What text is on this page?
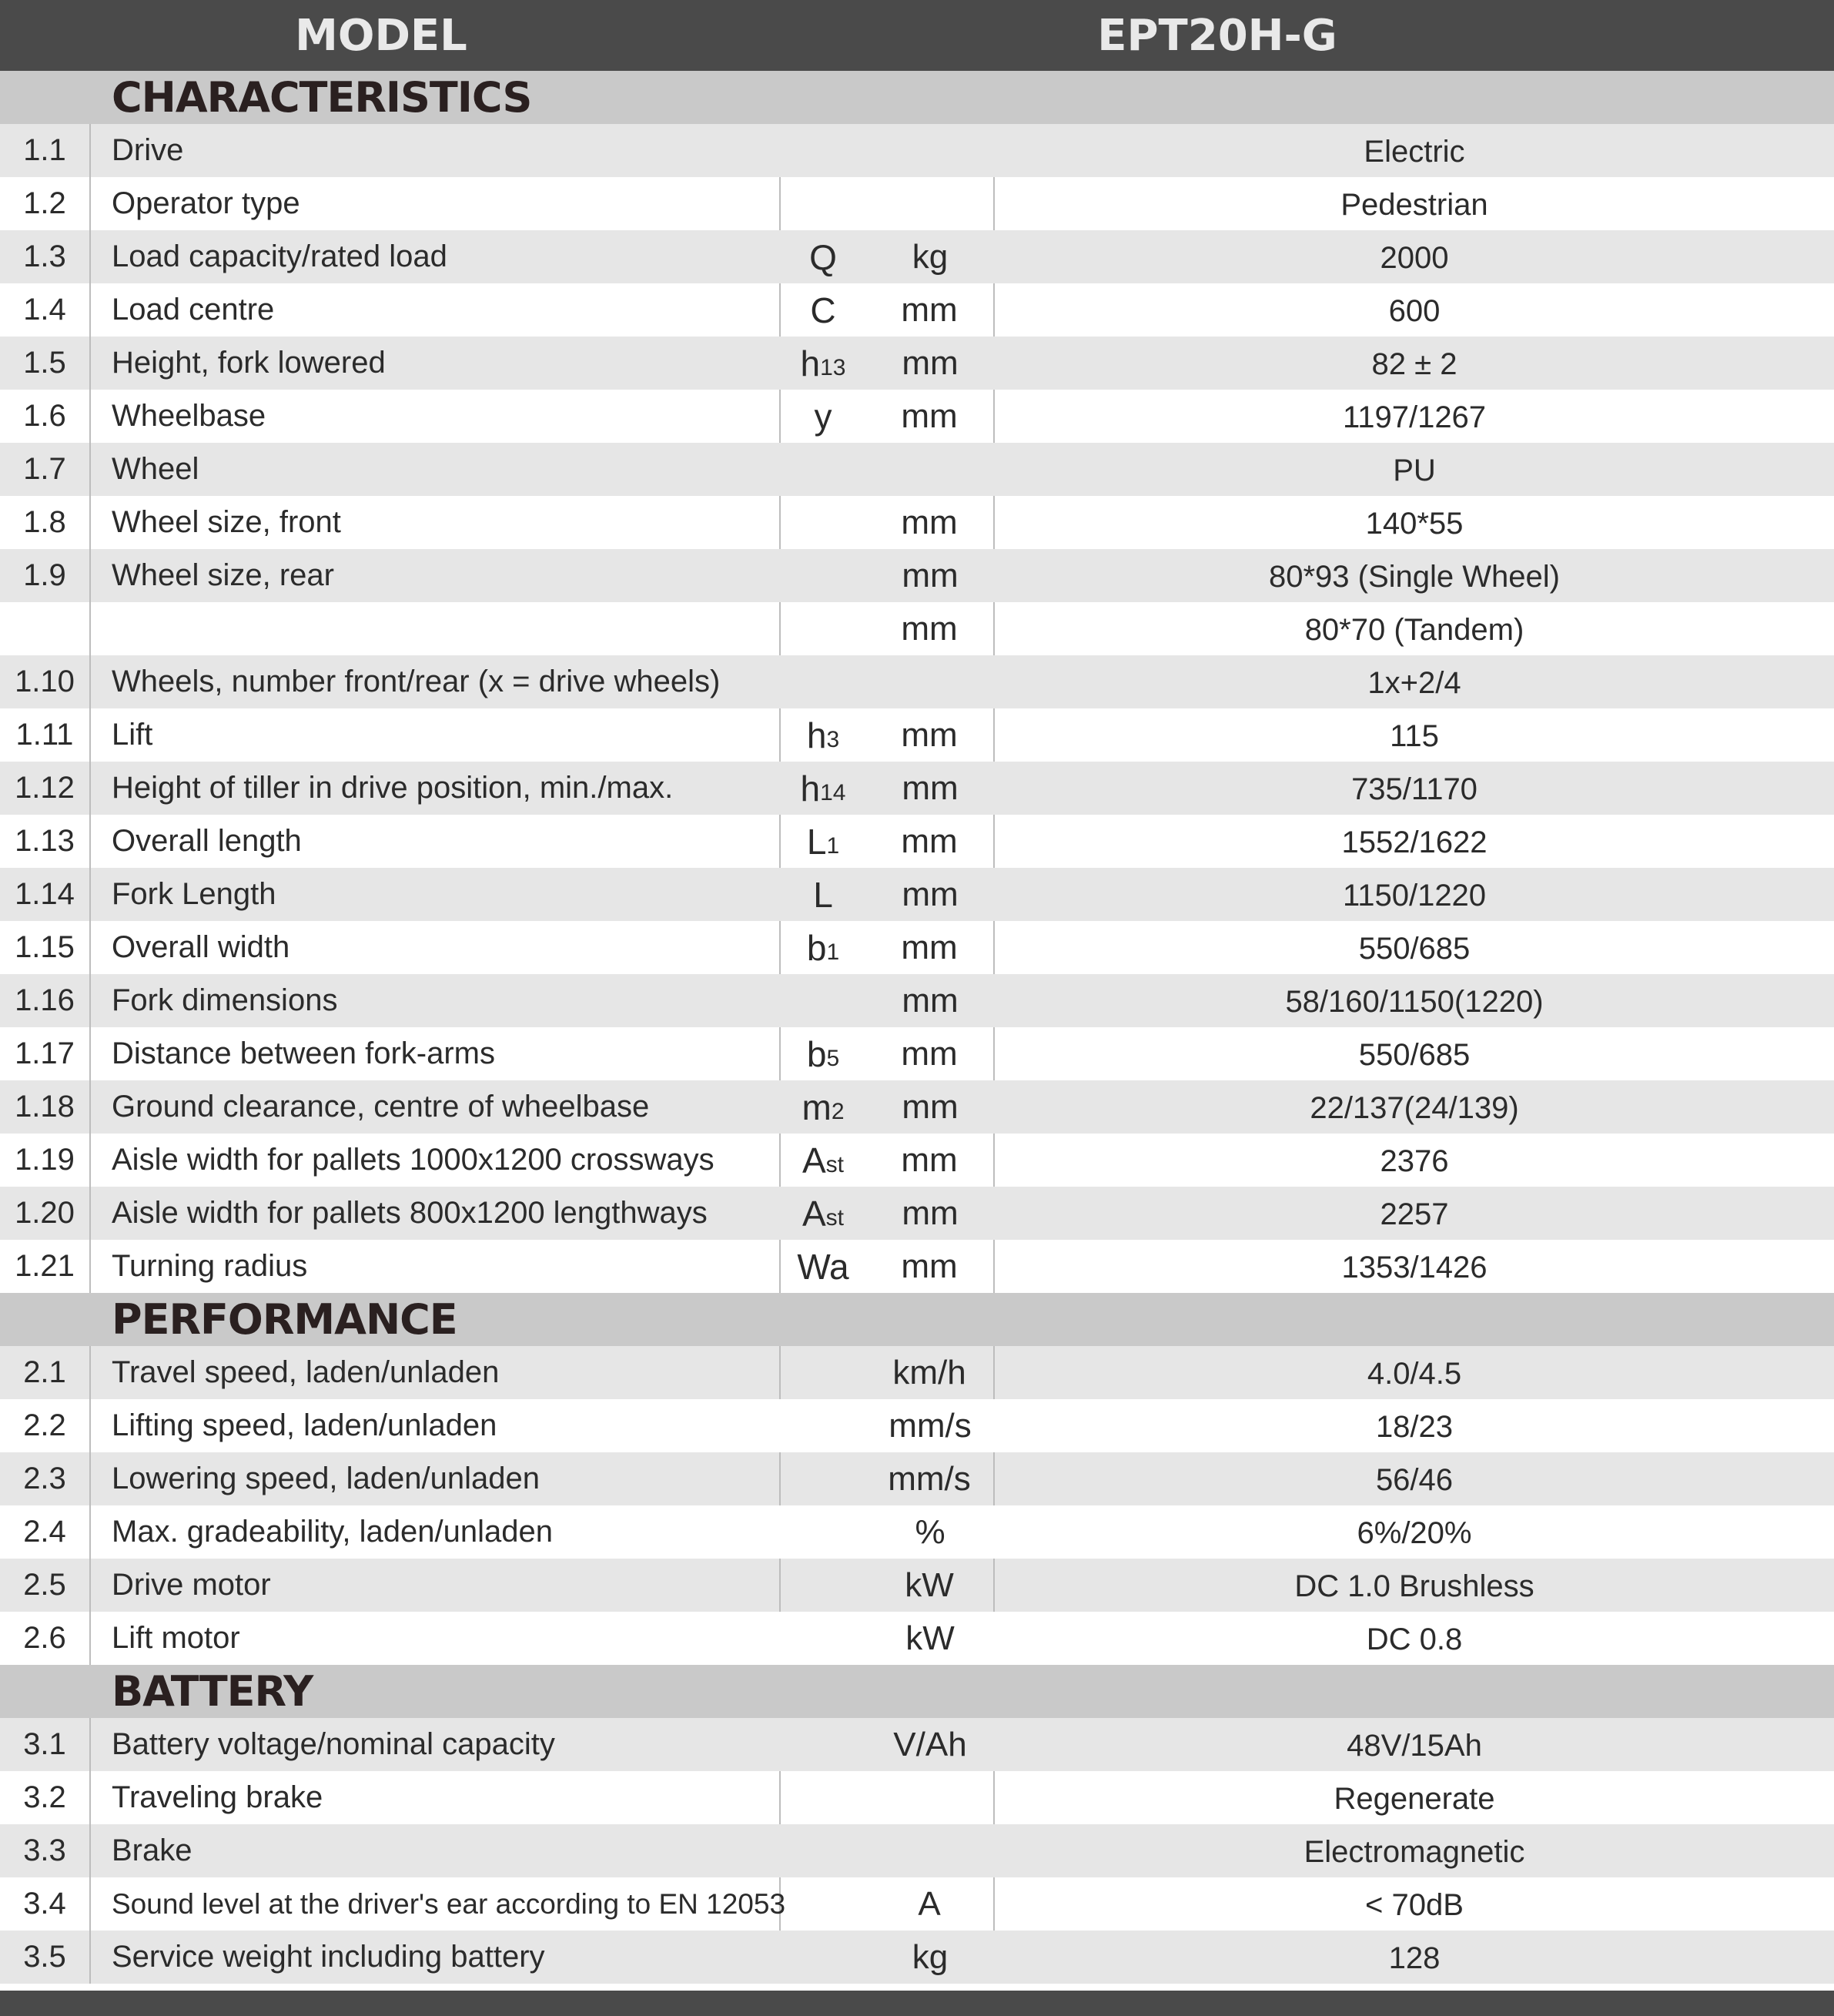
MODEL	EPT20H-G
CHARACTERISTICS
1.1	Drive	Electric
1.2	Operator type	Pedestrian
1.3	Load capacity/rated load	Q	kg	2000
1.4	Load centre	C	mm	600
1.5	Height, fork lowered	$h_{13}$	mm	82 ± 2
1.6	Wheelbase	y	mm	1197/1267
1.7	Wheel	PU
1.8	Wheel size, front	mm	140*55
1.9	Wheel size, rear	mm	80*93 (Single Wheel)
mm	80*70 (Tandem)
1.10	Wheels, number front/rear (x = drive wheels)	1x+2/4
1.11	Lift	$h_3$	mm	115
1.12	Height of tiller in drive position, min./max.	$h_{14}$	mm	735/1170
1.13	Overall length	$L_1$	mm	1552/1622
1.14	Fork Length	L	mm	1150/1220
1.15	Overall width	$b_1$	mm	550/685
1.16	Fork dimensions	mm	58/160/1150(1220)
1.17	Distance between fork-arms	$b_5$	mm	550/685
1.18	Ground clearance, centre of wheelbase	$m_2$	mm	22/137(24/139)
1.19	Aisle width for pallets 1000x1200 crossways	$A_{st}$	mm	2376
1.20	Aisle width for pallets 800x1200 lengthways	$A_{st}$	mm	2257
1.21	Turning radius	Wa	mm	1353/1426
PERFORMANCE
2.1	Travel speed, laden/unladen	km/h	4.0/4.5
2.2	Lifting speed, laden/unladen	mm/s	18/23
2.3	Lowering speed, laden/unladen	mm/s	56/46
2.4	Max. gradeability, laden/unladen	%	6%/20%
2.5	Drive motor	kW	DC 1.0 Brushless
2.6	Lift motor	kW	DC 0.8
BATTERY
3.1	Battery voltage/nominal capacity	V/Ah	48V/15Ah
3.2	Traveling brake	Regenerate
3.3	Brake	Electromagnetic
3.4	Sound level at the driver's ear according to EN 12053	A	< 70dB
3.5	Service weight including battery	kg	128
